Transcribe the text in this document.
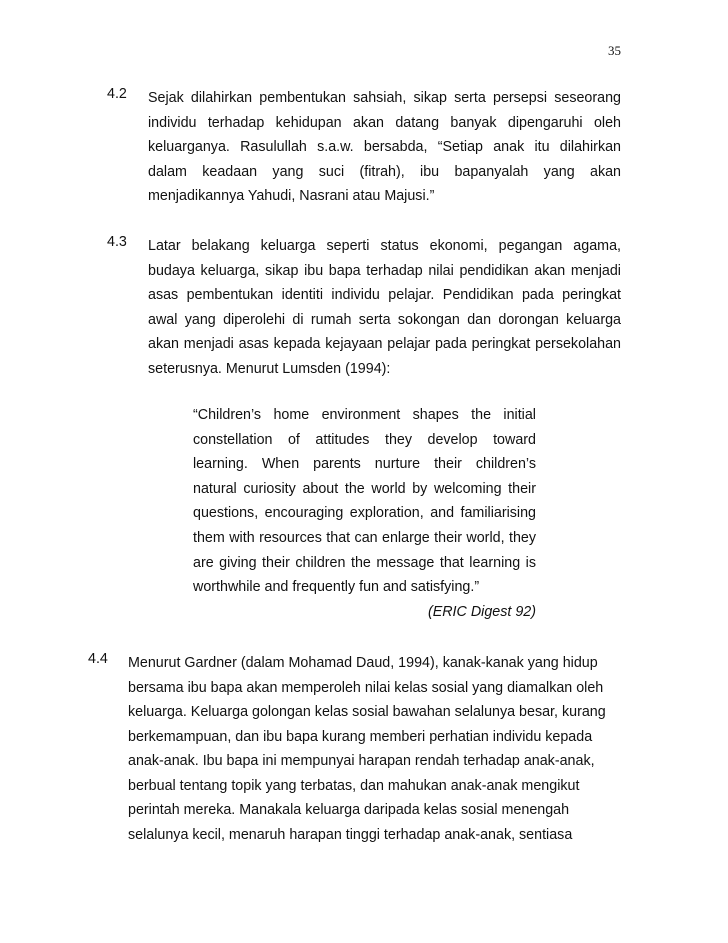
35
4.2 Sejak dilahirkan pembentukan sahsiah, sikap serta persepsi seseorang

individu terhadap kehidupan akan datang banyak dipengaruhi oleh

keluarganya. Rasulullah s.a.w. bersabda, “Setiap anak itu dilahirkan

dalam keadaan yang suci (fitrah), ibu bapanyalah yang akan

menjadikannya Yahudi, Nasrani atau Majusi.”

4.3 Latar belakang keluarga seperti status ekonomi, pegangan agama,

budaya keluarga, sikap ibu bapa terhadap nilai pendidikan akan menjadi

asas pembentukan identiti individu pelajar. Pendidikan pada peringkat

awal yang diperolehi di rumah serta sokongan dan dorongan keluarga

akan menjadi asas kepada kejayaan pelajar pada peringkat persekolahan

seterusnya. Menurut Lumsden (1994):

“Children’s home environment shapes the initial

constellation of attitudes they develop toward

learning. When parents nurture their children’s

natural curiosity about the world by welcoming their

questions, encouraging exploration, and familiarising

them with resources that can enlarge their world, they

are giving their children the message that learning is

worthwhile and frequently fun and satisfying.”

(ERIC Digest 92)

4.4 Menurut Gardner (dalam Mohamad Daud, 1994), kanak-kanak yang hidup

bersama ibu bapa akan memperoleh nilai kelas sosial yang diamalkan oleh

keluarga. Keluarga golongan kelas sosial bawahan selalunya besar, kurang

berkemampuan, dan ibu bapa kurang memberi perhatian individu kepada

anak-anak. Ibu bapa ini mempunyai harapan rendah terhadap anak-anak,

berbual tentang topik yang terbatas, dan mahukan anak-anak mengikut

perintah mereka. Manakala keluarga daripada kelas sosial menengah

selalunya kecil, menaruh harapan tinggi terhadap anak-anak, sentiasa
